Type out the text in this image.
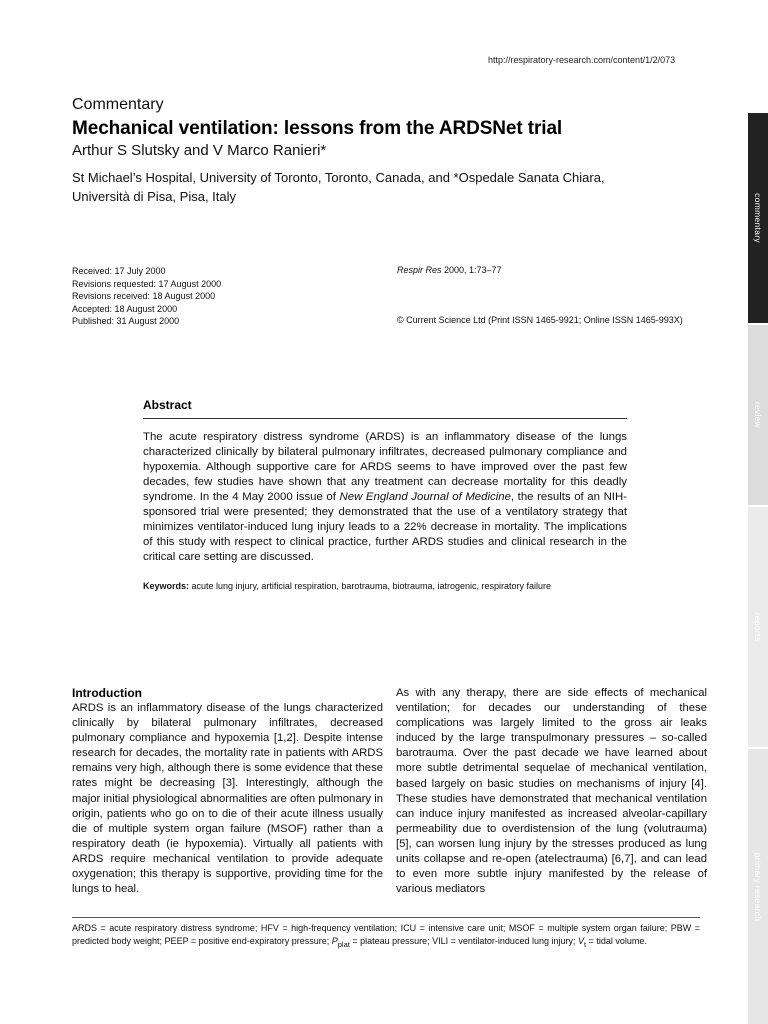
http://respiratory-research.com/content/1/2/073
Commentary
Mechanical ventilation: lessons from the ARDSNet trial
Arthur S Slutsky and V Marco Ranieri*
St Michael’s Hospital, University of Toronto, Toronto, Canada, and *Ospedale Sanata Chiara,
Università di Pisa, Pisa, Italy
Received: 17 July 2000
Revisions requested: 17 August 2000
Revisions received: 18 August 2000
Accepted: 18 August 2000
Published: 31 August 2000
Respir Res 2000, 1:73–77
© Current Science Ltd (Print ISSN 1465-9921; Online ISSN 1465-993X)
Abstract
The acute respiratory distress syndrome (ARDS) is an inflammatory disease of the lungs characterized clinically by bilateral pulmonary infiltrates, decreased pulmonary compliance and hypoxemia. Although supportive care for ARDS seems to have improved over the past few decades, few studies have shown that any treatment can decrease mortality for this deadly syndrome. In the 4 May 2000 issue of New England Journal of Medicine, the results of an NIH-sponsored trial were presented; they demonstrated that the use of a ventilatory strategy that minimizes ventilator-induced lung injury leads to a 22% decrease in mortality. The implications of this study with respect to clinical practice, further ARDS studies and clinical research in the critical care setting are discussed.
Keywords: acute lung injury, artificial respiration, barotrauma, biotrauma, iatrogenic, respiratory failure
Introduction
ARDS is an inflammatory disease of the lungs characterized clinically by bilateral pulmonary infiltrates, decreased pulmonary compliance and hypoxemia [1,2]. Despite intense research for decades, the mortality rate in patients with ARDS remains very high, although there is some evidence that these rates might be decreasing [3]. Interestingly, although the major initial physiological abnormalities are often pulmonary in origin, patients who go on to die of their acute illness usually die of multiple system organ failure (MSOF) rather than a respiratory death (ie hypoxemia). Virtually all patients with ARDS require mechanical ventilation to provide adequate oxygenation; this therapy is supportive, providing time for the lungs to heal.
As with any therapy, there are side effects of mechanical ventilation; for decades our understanding of these complications was largely limited to the gross air leaks induced by the large transpulmonary pressures – so-called barotrauma. Over the past decade we have learned about more subtle detrimental sequelae of mechanical ventilation, based largely on basic studies on mechanisms of injury [4]. These studies have demonstrated that mechanical ventilation can induce injury manifested as increased alveolar-capillary permeability due to overdistension of the lung (volutrauma) [5], can worsen lung injury by the stresses produced as lung units collapse and re-open (atelectrauma) [6,7], and can lead to even more subtle injury manifested by the release of various mediators
ARDS = acute respiratory distress syndrome; HFV = high-frequency ventilation; ICU = intensive care unit; MSOF = multiple system organ failure; PBW = predicted body weight; PEEP = positive end-expiratory pressure; $P_{plat}$ = plateau pressure; VILI = ventilator-induced lung injury; $V_t$ = tidal volume.
commentary
review
reports
primary research
